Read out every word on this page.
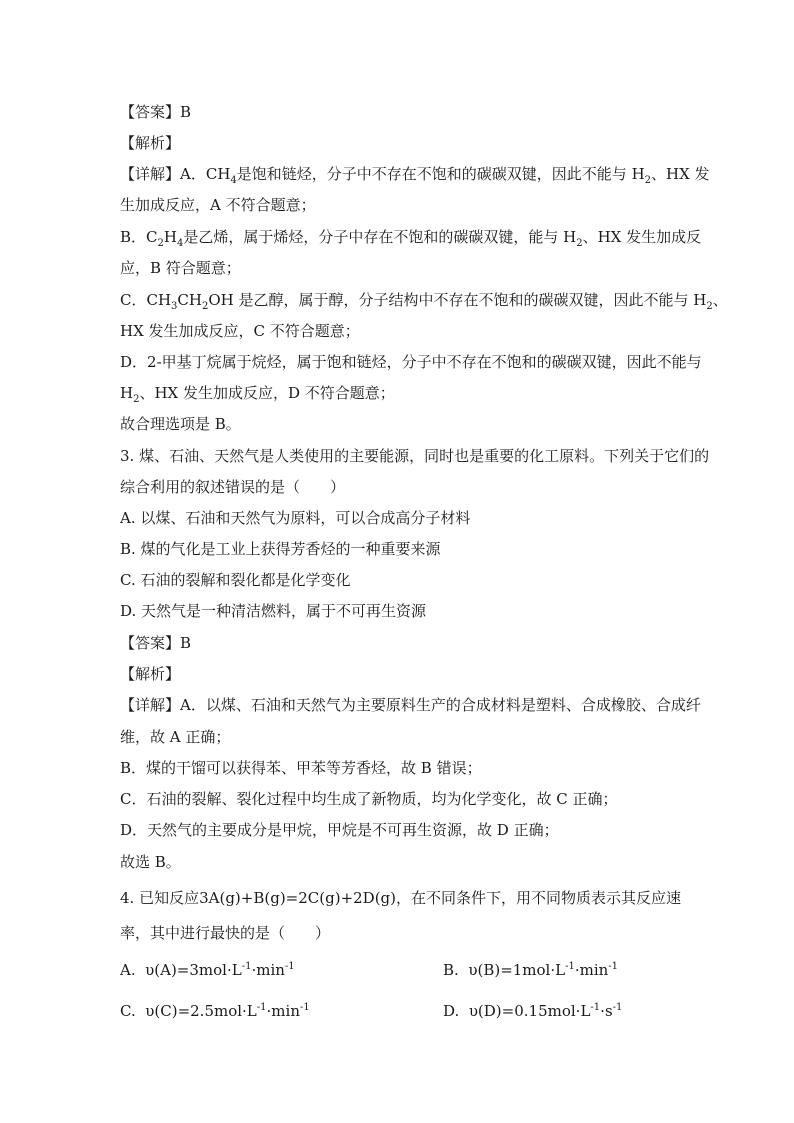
【答案】B
【解析】
【详解】A．$CH_4$是饱和链烃，分子中不存在不饱和的碳碳双键，因此不能与 $H_2$、HX 发
生加成反应，A 不符合题意；
B．$C_2H_4$是乙烯，属于烯烃，分子中存在不饱和的碳碳双键，能与 $H_2$、HX 发生加成反
应，B 符合题意；
C．$CH_3CH_2OH$ 是乙醇，属于醇，分子结构中不存在不饱和的碳碳双键，因此不能与 $H_2$、
HX 发生加成反应，C 不符合题意；
D．2-甲基丁烷属于烷烃，属于饱和链烃，分子中不存在不饱和的碳碳双键，因此不能与
$H_2$、HX 发生加成反应，D 不符合题意；
故合理选项是 B。
3. 煤、石油、天然气是人类使用的主要能源，同时也是重要的化工原料。下列关于它们的
综合利用的叙述错误的是（　　）
A. 以煤、石油和天然气为原料，可以合成高分子材料
B. 煤的气化是工业上获得芳香烃的一种重要来源
C. 石油的裂解和裂化都是化学变化
D. 天然气是一种清洁燃料，属于不可再生资源
【答案】B
【解析】
【详解】A．以煤、石油和天然气为主要原料生产的合成材料是塑料、合成橡胶、合成纤
维，故 A 正确；
B．煤的干馏可以获得苯、甲苯等芳香烃，故 B 错误；
C．石油的裂解、裂化过程中均生成了新物质，均为化学变化，故 C 正确；
D．天然气的主要成分是甲烷，甲烷是不可再生资源，故 D 正确；
故选 B。
4. 已知反应3A(g)+B(g)=2C(g)+2D(g)，在不同条件下，用不同物质表示其反应速
率，其中进行最快的是（　　）
A. $\upsilon(A)=3mol\cdot L^{-1}\cdot\min^{-1}$	B. $\upsilon(B)=1mol\cdot L^{-1}\cdot\min^{-1}$
C. $\upsilon(C)=2.5mol\cdot L^{-1}\cdot\min^{-1}$	D. $\upsilon(D)=0.15mol\cdot L^{-1}\cdot s^{-1}$
